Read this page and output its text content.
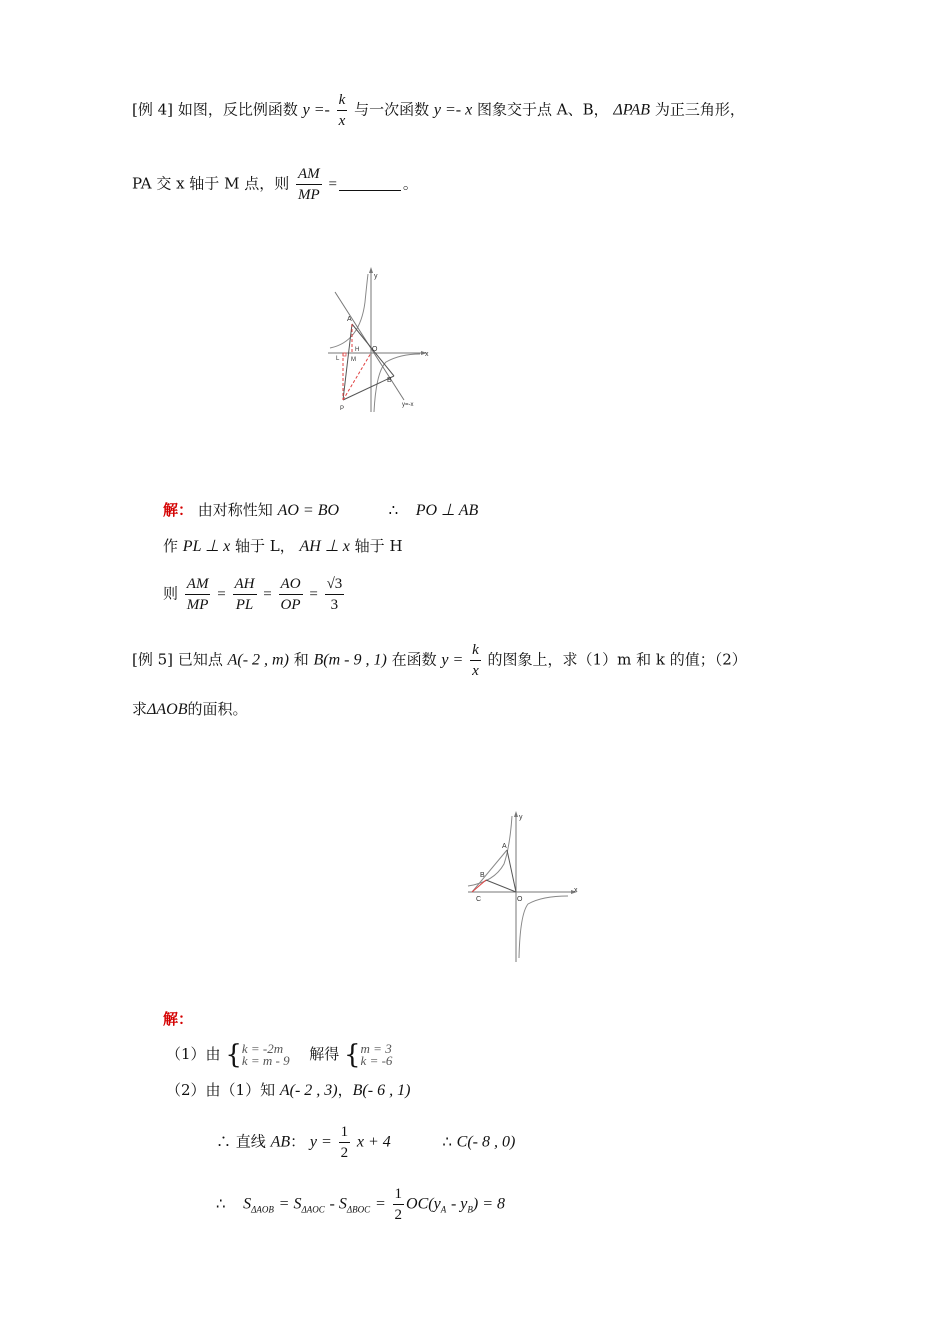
[例 4] 如图，反比例函数 $y =- \frac{k}{x}$ 与一次函数 y =- x 图象交于点 A、B， ΔPAB 为正三角形，
PA 交 x 轴于 M 点，则 $\frac{AM}{MP}$ =	。
y
x
A
H O
L M
B
P
y=-x
解： 由对称性知 AO = BO	∴ PO ⊥ AB
作 PL ⊥ x 轴于 L， AH ⊥ x 轴于 H
则 $\frac{AM}{MP} = \frac{AH}{PL} = \frac{AO}{OP} = \frac{√3}{3}$
[例 5] 已知点 A(- 2 , m) 和 B(m - 9 , 1) 在函数 $y = \frac{k}{x}$ 的图象上，求（1）m 和 k 的值；（2）
求ΔAOB的面积。
y
x
A
B
C	O
解：
（1）由 { k = -2m
k = m - 9 解得 { m = 3
k = -6
（2）由（1）知 A(- 2 , 3)，B(- 6 , 1)
∴ 直线 AB： $y = \frac{1}{2}$ x + 4	∴ C(- 8 , 0)
∴ $S_{\Delta AOB} = S_{\Delta AOC} - S_{\Delta BOC} = \frac{1}{2} OC(y_A - y_B) = 8$
